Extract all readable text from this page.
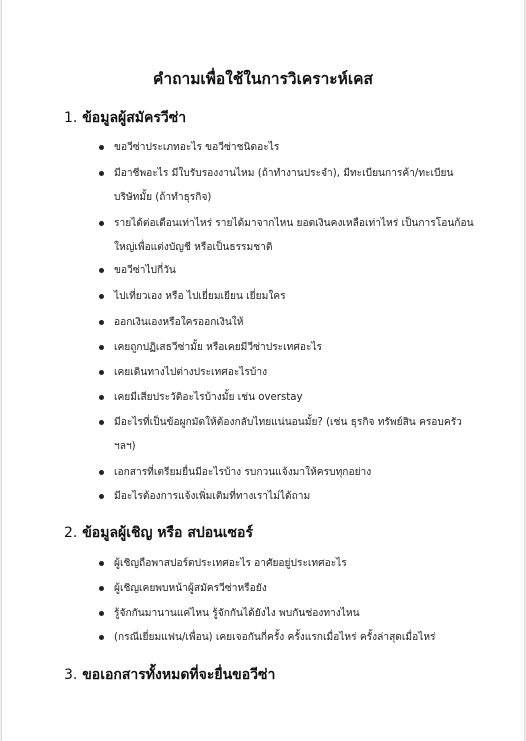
คำถามเพื่อใช้ในการวิเคราะห์เคส
1. ข้อมูลผู้สมัครวีซ่า
ขอวีซ่าประเภทอะไร ขอวีซ่าชนิดอะไร
มีอาชีพอะไร มีใบรับรองงานไหม (ถ้าทำงานประจำ), มีทะเบียนการค้า/ทะเบียนบริษัทมั้ย (ถ้าทำธุรกิจ)
รายได้ต่อเดือนเท่าไหร่ รายได้มาจากไหน ยอดเงินคงเหลือเท่าไหร่ เป็นการโอนก้อนใหญ่เพื่อแต่งบัญชี หรือเป็นธรรมชาติ
ขอวีซ่าไปกี่วัน
ไปเที่ยวเอง หรือ ไปเยี่ยมเยียน เยี่ยมใคร
ออกเงินเองหรือใครออกเงินให้
เคยถูกปฏิเสธวีซ่ามั้ย หรือเคยมีวีซ่าประเทศอะไร
เคยเดินทางไปต่างประเทศอะไรบ้าง
เคยมีเสียประวัติอะไรบ้างมั้ย เช่น overstay
มีอะไรที่เป็นข้อผูกมัดให้ต้องกลับไทยแน่นอนมั้ย? (เช่น ธุรกิจ ทรัพย์สิน ครอบครัว ฯลฯ)
เอกสารที่เตรียมยื่นมีอะไรบ้าง รบกวนแจ้งมาให้ครบทุกอย่าง
มีอะไรต้องการแจ้งเพิ่มเติมที่ทางเราไม่ได้ถาม
2. ข้อมูลผู้เชิญ หรือ สปอนเซอร์
ผู้เชิญถือพาสปอร์ตประเทศอะไร อาศัยอยู่ประเทศอะไร
ผู้เชิญเคยพบหน้าผู้สมัครวีซ่าหรือยัง
รู้จักกันมานานแค่ไหน รู้จักกันได้ยังไง พบกันช่องทางไหน
(กรณีเยี่ยมแฟน/เพื่อน) เคยเจอกันกี่ครั้ง ครั้งแรกเมื่อไหร่ ครั้งล่าสุดเมื่อไหร่
3. ขอเอกสารทั้งหมดที่จะยื่นขอวีซ่า
